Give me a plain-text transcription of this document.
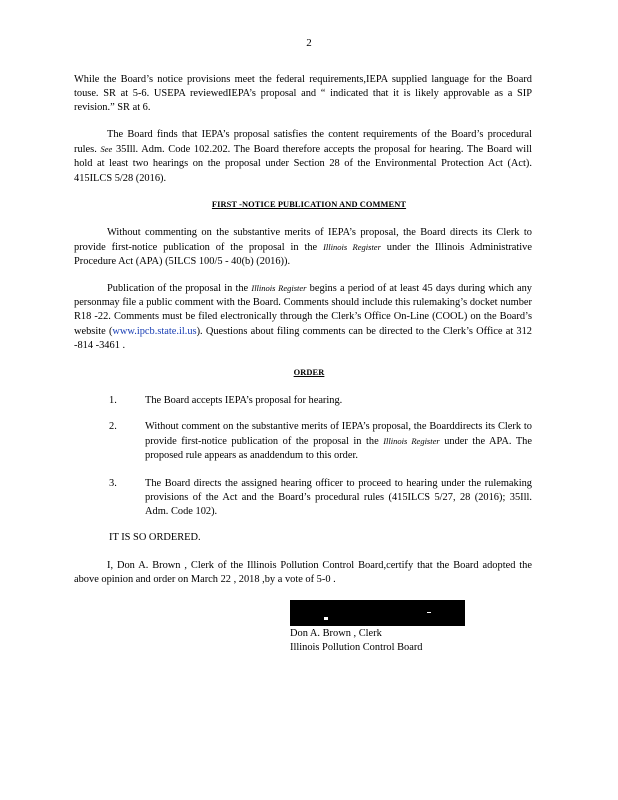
2

While the Board’s notice provisions meet the federal requirements,IEPA supplied language for the Board touse. SR at 5-6. USEPA reviewedIEPA’s proposal and “ indicated that it is likely approvable as a SIP revision.” SR at 6.

The Board finds that IEPA’s proposal satisfies the content requirements of the Board’s procedural rules. See 35Ill. Adm. Code 102.202. The Board therefore accepts the proposal for hearing. The Board will hold at least two hearings on the proposal under Section 28 of the Environmental Protection Act (Act). 415ILCS 5/28 (2016).

FIRST -NOTICE PUBLICATION AND COMMENT

Without commenting on the substantive merits of IEPA’s proposal, the Board directs its Clerk to provide first-notice publication of the proposal in the Illinois Register under the Illinois Administrative Procedure Act (APA) (5ILCS 100/5 - 40(b) (2016)).

Publication of the proposal in the Illinois Register begins a period of at least 45 days during which any personmay file a public comment with the Board. Comments should include this rulemaking’s docket number R18 -22. Comments must be filed electronically through the Clerk’s Office On-Line (COOL) on the Board’s website (www.ipcb.state.il.us). Questions about filing comments can be directed to the Clerk’s Office at 312 -814 -3461 .

ORDER
1.	The Board accepts IEPA’s proposal for hearing.
2.	Without comment on the substantive merits of IEPA’s proposal, the Boarddirects its Clerk to provide first-notice publication of the proposal in the Illinois Register under the APA. The proposed rule appears as anaddendum to this order.
3.	The Board directs the assigned hearing officer to proceed to hearing under the rulemaking provisions of the Act and the Board’s procedural rules (415ILCS 5/27, 28 (2016); 35Ill. Adm. Code 102).

IT IS SO ORDERED.

I, Don A. Brown , Clerk of the Illinois Pollution Control Board,certify that the Board adopted the above opinion and order on March 22 , 2018 ,by a vote of 5-0 .

Don A. Brown , Clerk
Illinois Pollution Control Board
